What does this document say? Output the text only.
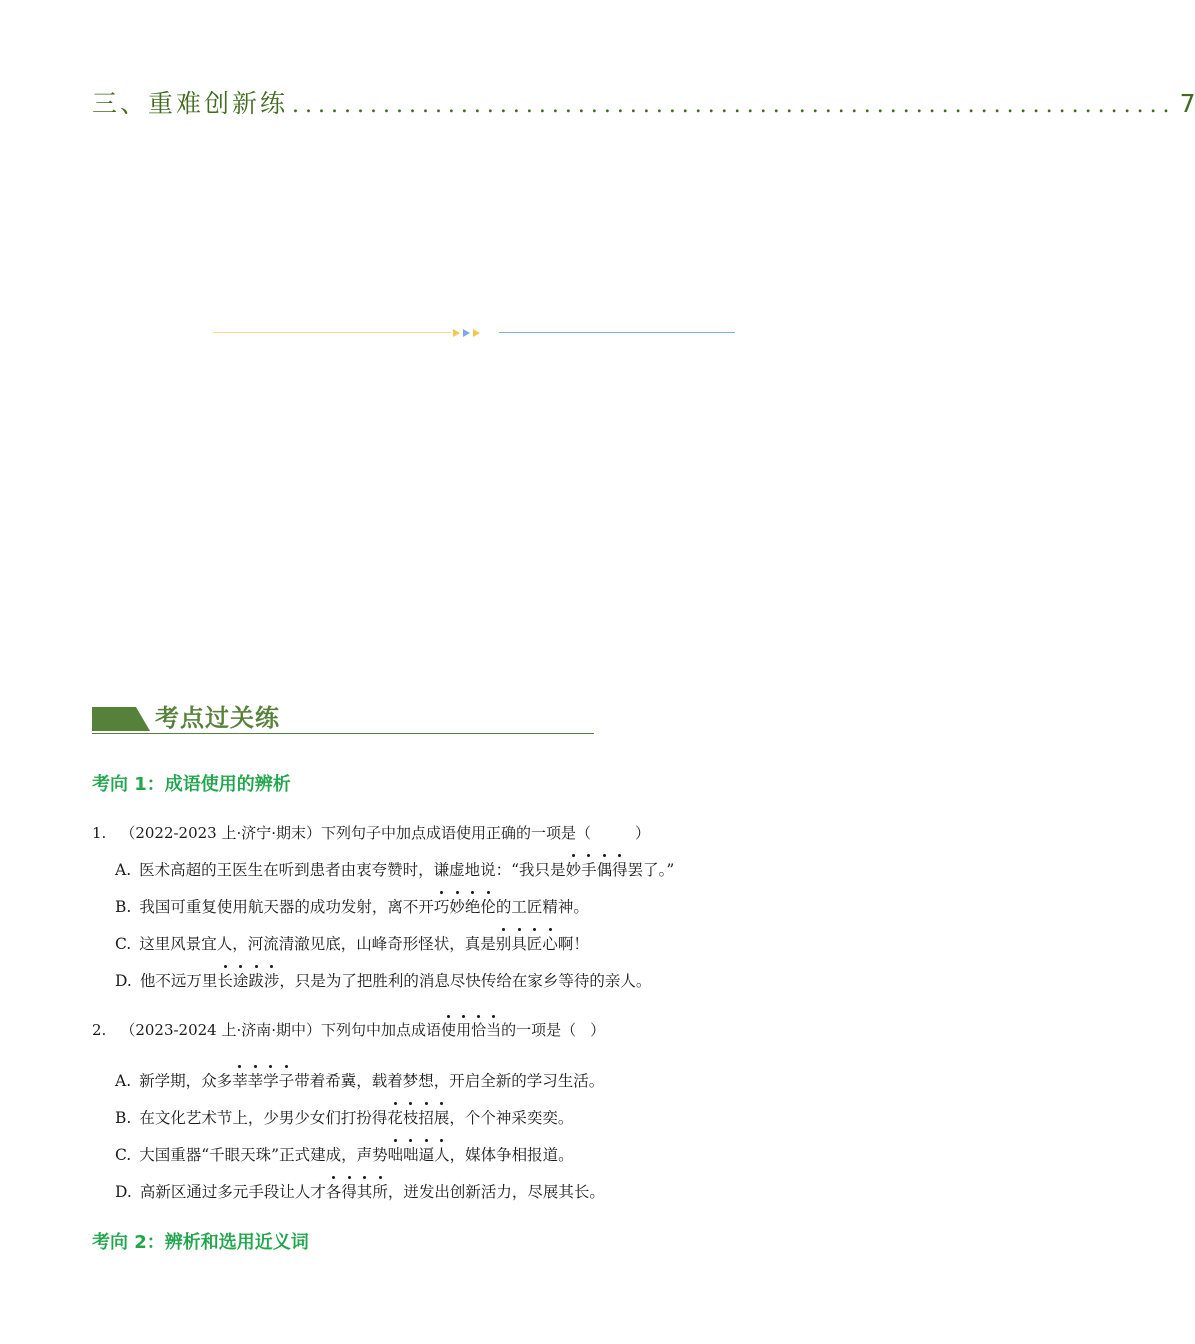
三、重难创新练 .................................................................... 7
考点过关练
考向 1：成语使用的辨析
1. （2022-2023 上·济宁·期末）下列句子中加点成语使用正确的一项是（	）
A. 医术高超的王医生在听到患者由衷夸赞时，谦虚地说：“我只是妙手偶得罢了。”
B. 我国可重复使用航天器的成功发射，离不开巧妙绝伦的工匠精神。
C. 这里风景宜人，河流清澈见底，山峰奇形怪状，真是别具匠心啊！
D. 他不远万里长途跋涉，只是为了把胜利的消息尽快传给在家乡等待的亲人。
2. （2023-2024 上·济南·期中）下列句中加点成语使用恰当的一项是（ ）
A. 新学期，众多莘莘学子带着希冀，载着梦想，开启全新的学习生活。
B. 在文化艺术节上，少男少女们打扮得花枝招展，个个神采奕奕。
C. 大国重器“千眼天珠”正式建成，声势咄咄逼人，媒体争相报道。
D. 高新区通过多元手段让人才各得其所，迸发出创新活力，尽展其长。
考向 2：辨析和选用近义词
